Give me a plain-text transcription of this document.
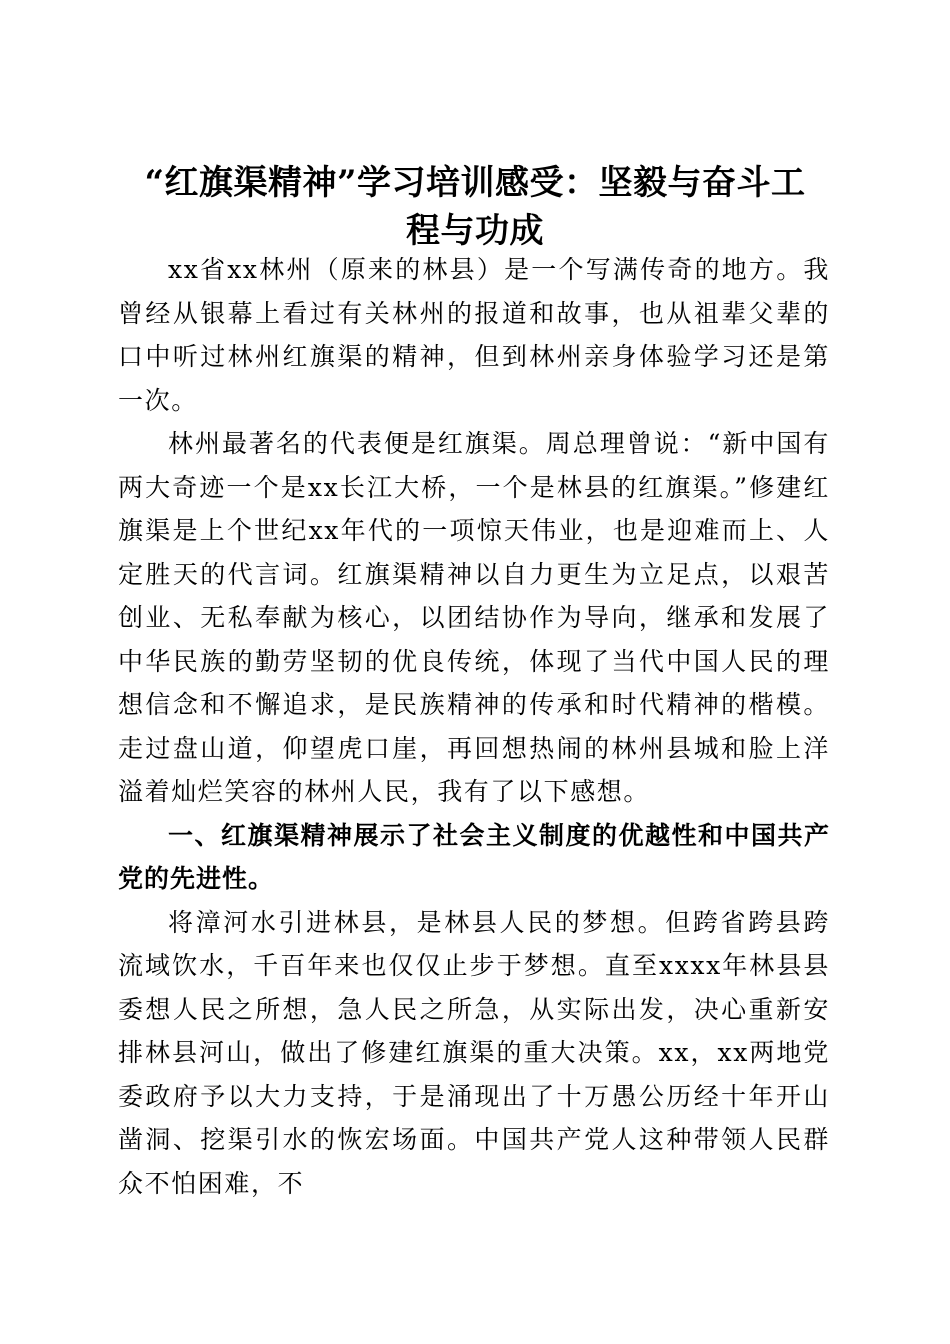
“红旗渠精神”学习培训感受：坚毅与奋斗工
程与功成

xx省xx林州（原来的林县）是一个写满传奇的地方。我曾经从银幕上看过有关林州的报道和故事，也从祖辈父辈的口中听过林州红旗渠的精神，但到林州亲身体验学习还是第一次。

林州最著名的代表便是红旗渠。周总理曾说：“新中国有两大奇迹一个是xx长江大桥，一个是林县的红旗渠。”修建红旗渠是上个世纪xx年代的一项惊天伟业，也是迎难而上、人定胜天的代言词。红旗渠精神以自力更生为立足点，以艰苦创业、无私奉献为核心，以团结协作为导向，继承和发展了中华民族的勤劳坚韧的优良传统，体现了当代中国人民的理想信念和不懈追求，是民族精神的传承和时代精神的楷模。走过盘山道，仰望虎口崖，再回想热闹的林州县城和脸上洋溢着灿烂笑容的林州人民，我有了以下感想。

一、红旗渠精神展示了社会主义制度的优越性和中国共产党的先进性。

将漳河水引进林县，是林县人民的梦想。但跨省跨县跨流域饮水，千百年来也仅仅止步于梦想。直至xxxx年林县县委想人民之所想，急人民之所急，从实际出发，决心重新安排林县河山，做出了修建红旗渠的重大决策。xx，xx两地党委政府予以大力支持，于是涌现出了十万愚公历经十年开山凿洞、挖渠引水的恢宏场面。中国共产党人这种带领人民群众不怕困难，不
